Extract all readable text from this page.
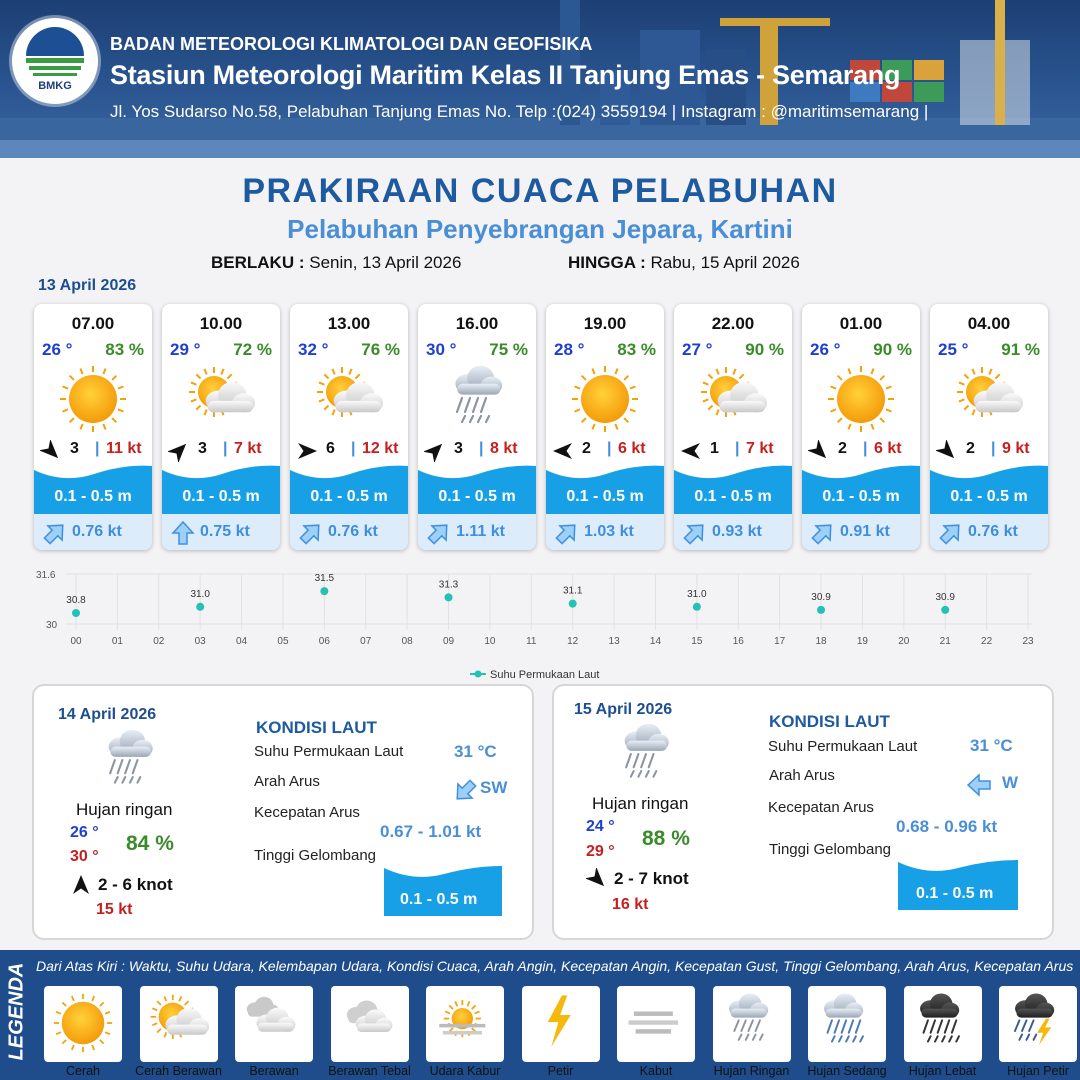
BMKG
BADAN METEOROLOGI KLIMATOLOGI DAN GEOFISIKA
Stasiun Meteorologi Maritim Kelas II Tanjung Emas - Semarang
Jl. Yos Sudarso No.58, Pelabuhan Tanjung Emas No. Telp :(024) 3559194 | Instagram : @maritimsemarang |
PRAKIRAAN CUACA PELABUHAN
Pelabuhan Penyebrangan Jepara, Kartini
BERLAKU : Senin, 13 April 2026	HINGGA : Rabu, 15 April 2026
13 April 2026
07.00
26 ° 83 %
3 | 11 kt
0.1 - 0.5 m
0.76 kt
10.00
29 ° 72 %
3 | 7 kt
0.1 - 0.5 m
0.75 kt
13.00
32 ° 76 %
6 | 12 kt
0.1 - 0.5 m
0.76 kt
16.00
30 ° 75 %
3 | 8 kt
0.1 - 0.5 m
1.11 kt
19.00
28 ° 83 %
2 | 6 kt
0.1 - 0.5 m
1.03 kt
22.00
27 ° 90 %
1 | 7 kt
0.1 - 0.5 m
0.93 kt
01.00
26 ° 90 %
2 | 6 kt
0.1 - 0.5 m
0.91 kt
04.00
25 ° 91 %
2 | 9 kt
0.1 - 0.5 m
0.76 kt
00	01	02	03	04	05	06	07	08	09	10	11	12	13	14	15	16	17	18	19	20	21	22	23
31.6
30
30.8
31.0
31.5
31.3
31.1	31.0	30.9	30.9
Suhu Permukaan Laut
14 April 2026
Hujan ringan
26 °
30 °
84 %
2 - 6 knot
15 kt
KONDISI LAUT
Suhu Permukaan Laut	31 °C
Arah Arus	SW
Kecepatan Arus
0.67 - 1.01 kt
Tinggi Gelombang
0.1 - 0.5 m
15 April 2026
Hujan ringan
24 °
29 °
88 %
2 - 7 knot
16 kt
KONDISI LAUT
Suhu Permukaan Laut	31 °C
Arah Arus	W
Kecepatan Arus
0.68 - 0.96 kt
Tinggi Gelombang
0.1 - 0.5 m
LEGENDA Dari Atas Kiri : Waktu, Suhu Udara, Kelembapan Udara, Kondisi Cuaca, Arah Angin, Kecepatan Angin, Kecepatan Gust, Tinggi Gelombang, Arah Arus, Kecepatan Arus
Cerah	Cerah Berawan	Berawan	Berawan Tebal	Udara Kabur	Petir	Kabut	Hujan Ringan	Hujan Sedang	Hujan Lebat	Hujan Petir
